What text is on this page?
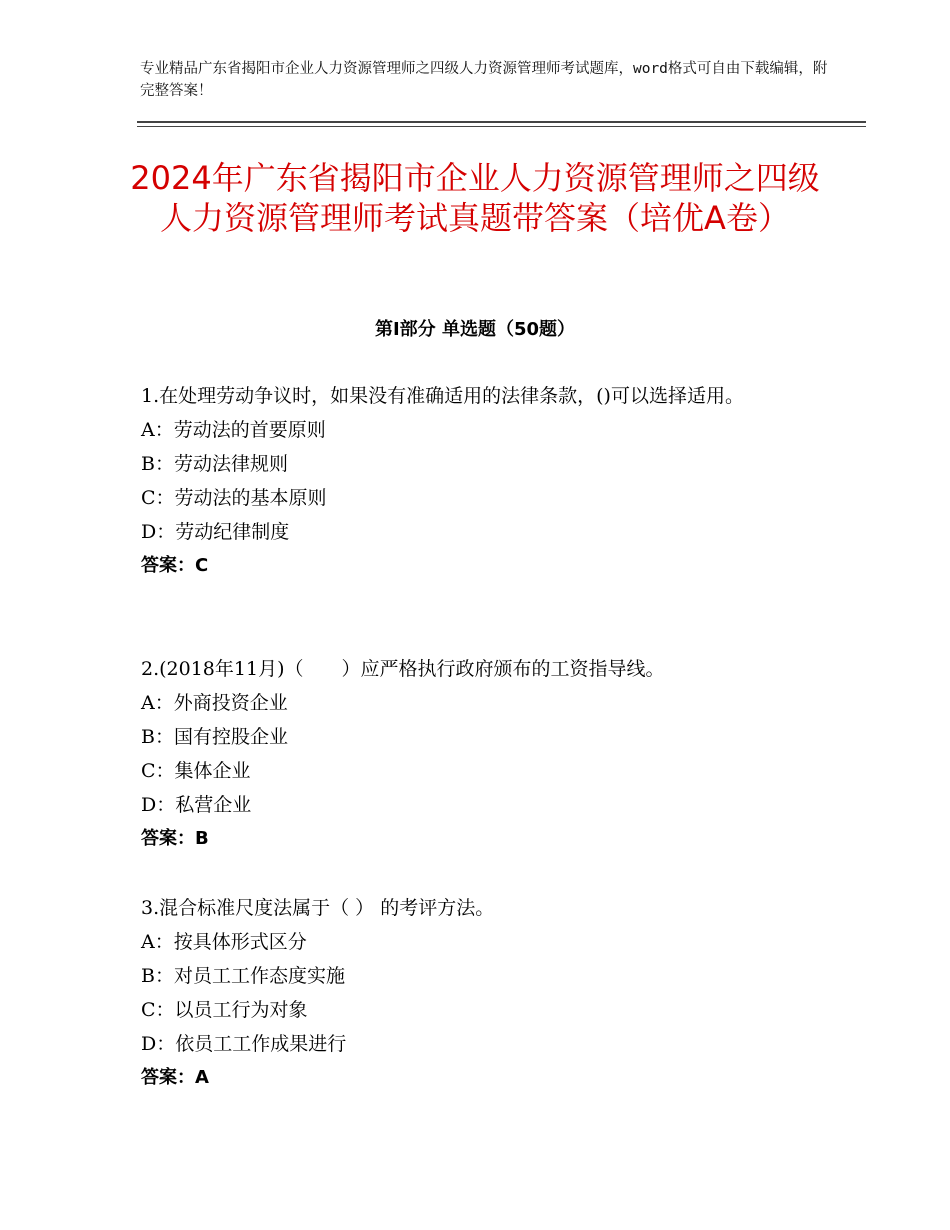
专业精品广东省揭阳市企业人力资源管理师之四级人力资源管理师考试题库，word格式可自由下载编辑，附完整答案！
2024年广东省揭阳市企业人力资源管理师之四级人力资源管理师考试真题带答案（培优A卷）
第Ⅰ部分 单选题（50题）

1.在处理劳动争议时，如果没有准确适用的法律条款，()可以选择适用。

A：劳动法的首要原则

B：劳动法律规则

C：劳动法的基本原则

D：劳动纪律制度

答案：C

2.(2018年11月)（　　）应严格执行政府颁布的工资指导线。

A：外商投资企业

B：国有控股企业

C：集体企业

D：私营企业

答案：B

3.混合标准尺度法属于（ ） 的考评方法。

A：按具体形式区分

B：对员工工作态度实施

C：以员工行为对象

D：依员工工作成果进行

答案：A
